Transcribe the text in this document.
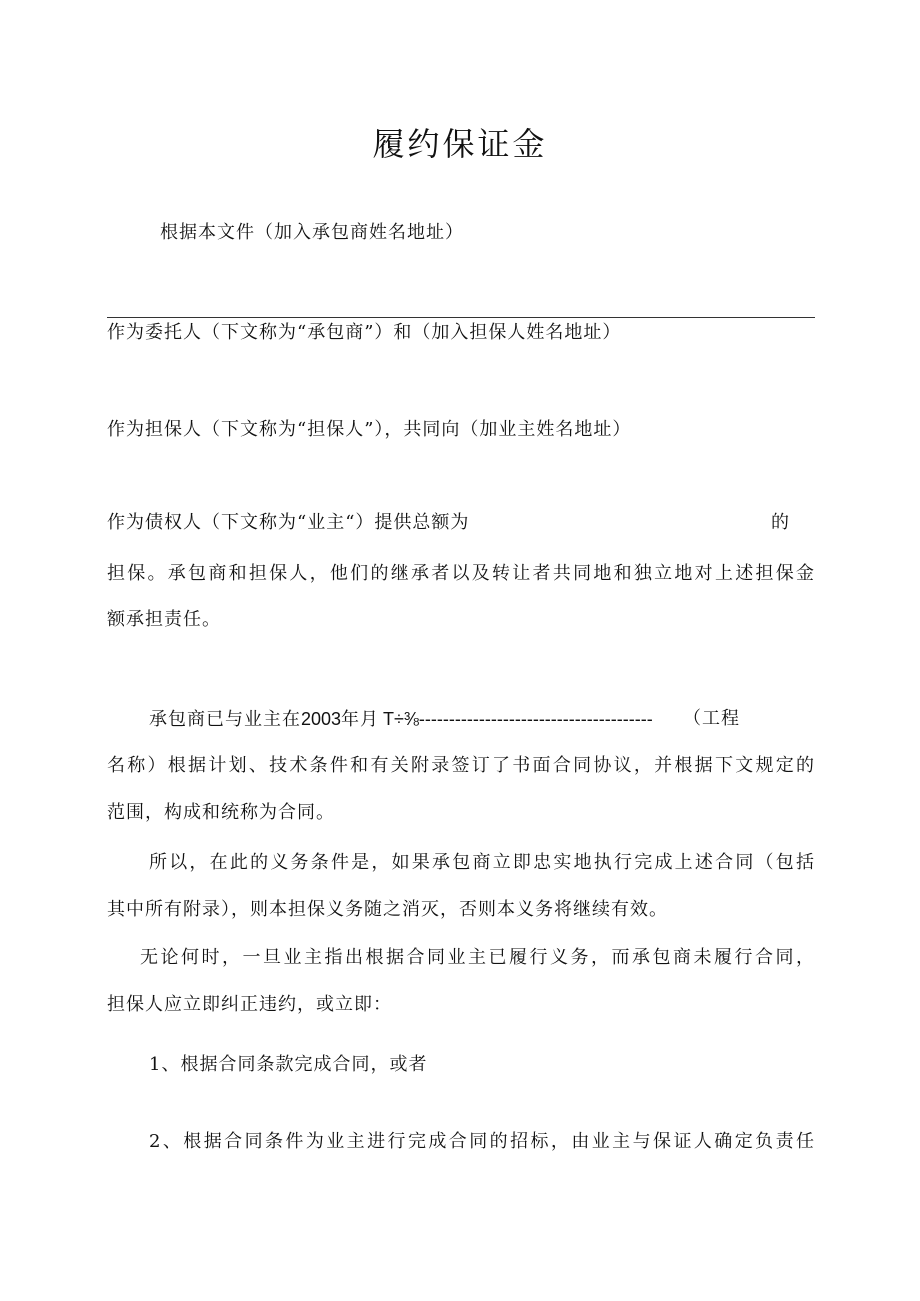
履约保证金
根据本文件（加入承包商姓名地址）
作为委托人（下文称为“承包商”）和（加入担保人姓名地址）
作为担保人（下文称为“担保人”），共同向（加业主姓名地址）
作为债权人（下文称为“业主“）提供总额为	的
担保。承包商和担保人，他们的继承者以及转让者共同地和独立地对上述担保金
额承担责任。
承包商已与业主在2003年月 T÷⅜--------------------------------------- （工程
名称）根据计划、技术条件和有关附录签订了书面合同协议，并根据下文规定的
范围，构成和统称为合同。
所以，在此的义务条件是，如果承包商立即忠实地执行完成上述合同（包括
其中所有附录），则本担保义务随之消灭，否则本义务将继续有效。
无论何时，一旦业主指出根据合同业主已履行义务，而承包商未履行合同，
担保人应立即纠正违约，或立即：
1、根据合同条款完成合同，或者
2、根据合同条件为业主进行完成合同的招标，由业主与保证人确定负责任
